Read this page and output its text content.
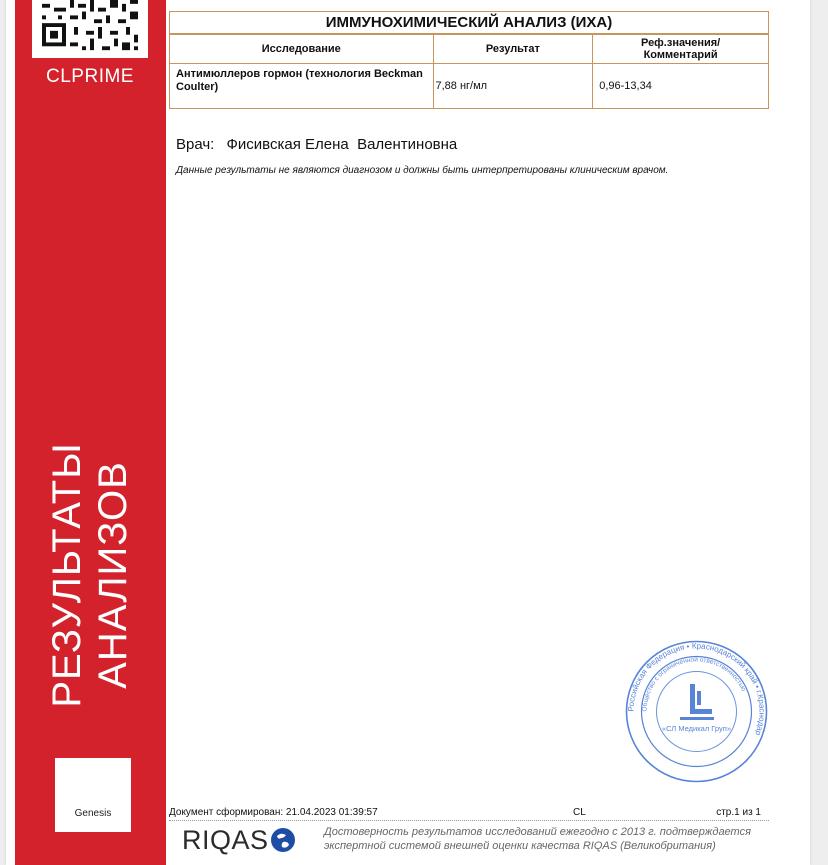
CLPRIME
РЕЗУЛЬТАТЫ АНАЛИЗОВ
Genesis
ИММУНОХИМИЧЕСКИЙ АНАЛИЗ (ИХА)
Исследование	Результат	Реф.значения/
Комментарий
Антимюллеров гормон (технология Beckman Coulter)	7,88 нг/мл	0,96-13,34
Врач: Фисивская Елена  Валентиновна
Данные результаты не являются диагнозом и должны быть интерпретированы клиническим врачом.
Российская Федерация • Краснодарский край • г.Краснодар
Общество с ограниченной ответственностью
«СЛ Медикал Груп»
Документ сформирован: 21.04.2023 01:39:57	CL	стр.1 из 1
RIQAS	Достоверность результатов исследований ежегодно с 2013 г. подтверждается экспертной системой внешней оценки качества RIQAS (Великобритания)
